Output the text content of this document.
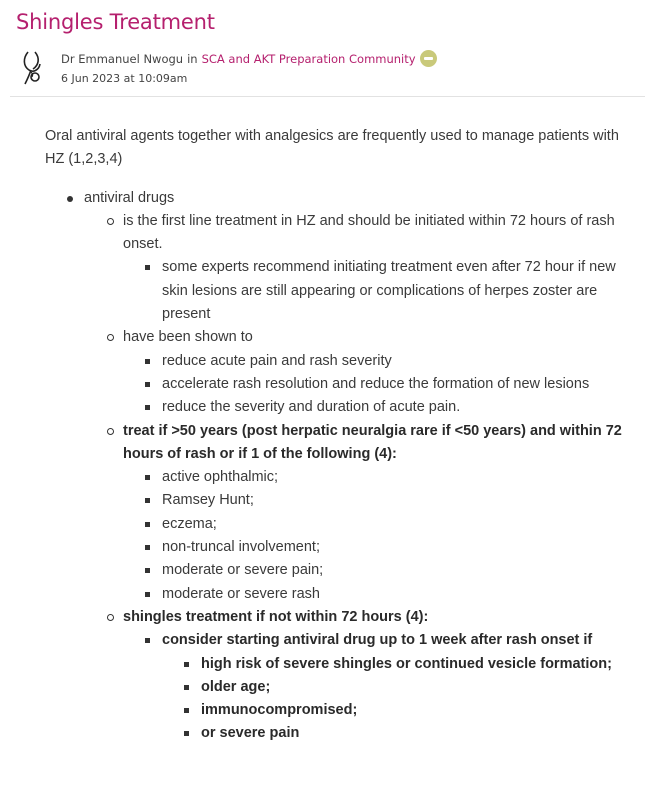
Shingles Treatment
Dr Emmanuel Nwogu in SCA and AKT Preparation Community
6 Jun 2023 at 10:09am

Oral antiviral agents together with analgesics are frequently used to manage patients with HZ (1,2,3,4)

antiviral drugs
is the first line treatment in HZ and should be initiated within 72 hours of rash onset.
some experts recommend initiating treatment even after 72 hour if new skin lesions are still appearing or complications of herpes zoster are present
have been shown to
reduce acute pain and rash severity
accelerate rash resolution and reduce the formation of new lesions
reduce the severity and duration of acute pain.
treat if >50 years (post herpatic neuralgia rare if <50 years) and within 72 hours of rash or if 1 of the following (4):
active ophthalmic;
Ramsey Hunt;
eczema;
non-truncal involvement;
moderate or severe pain;
moderate or severe rash
shingles treatment if not within 72 hours (4):
consider starting antiviral drug up to 1 week after rash onset if
high risk of severe shingles or continued vesicle formation;
older age;
immunocompromised;
or severe pain
